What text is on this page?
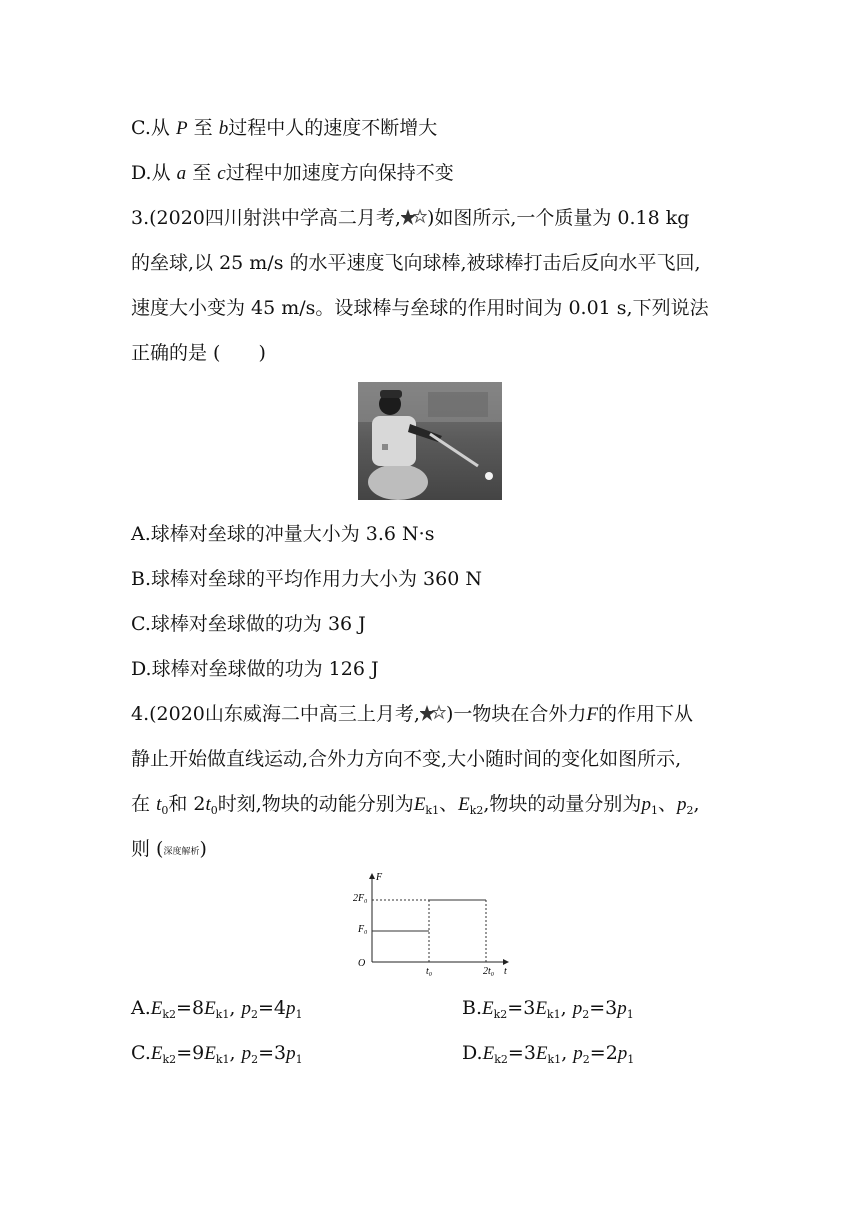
C.从 P 至 b过程中人的速度不断增大
D.从 a 至 c过程中加速度方向保持不变
3.(2020四川射洪中学高二月考, )如图所示,一个质量为 0.18 kg
的垒球,以 25 m/s 的水平速度飞向球棒,被球棒打击后反向水平飞回,
速度大小变为 45 m/s。设球棒与垒球的作用时间为 0.01 s,下列说法
正确的是 (　　)
A.球棒对垒球的冲量大小为 3.6 N·s
B.球棒对垒球的平均作用力大小为 360 N
C.球棒对垒球做的功为 36 J
D.球棒对垒球做的功为 126 J
4.(2020山东威海二中高三上月考, )一物块在合外力F的作用下从
静止开始做直线运动,合外力方向不变,大小随时间的变化如图所示,
在 $t_0$和 $2t_0$时刻,物块的动能分别为$E_{k1}$、$E_{k2}$,物块的动量分别为$p_1$、$p_2$,
则 (深度解析)
F
t
O
$2F_0$
$F_0$
$t_0$	$2t_0$
$A.E_{k2}=8E_{k1}$, $p_2=4p_1$	$B.E_{k2}=3E_{k1}$, $p_2=3p_1$
$C.E_{k2}=9E_{k1}$, $p_2=3p_1$	$D.E_{k2}=3E_{k1}$, $p_2=2p_1$
